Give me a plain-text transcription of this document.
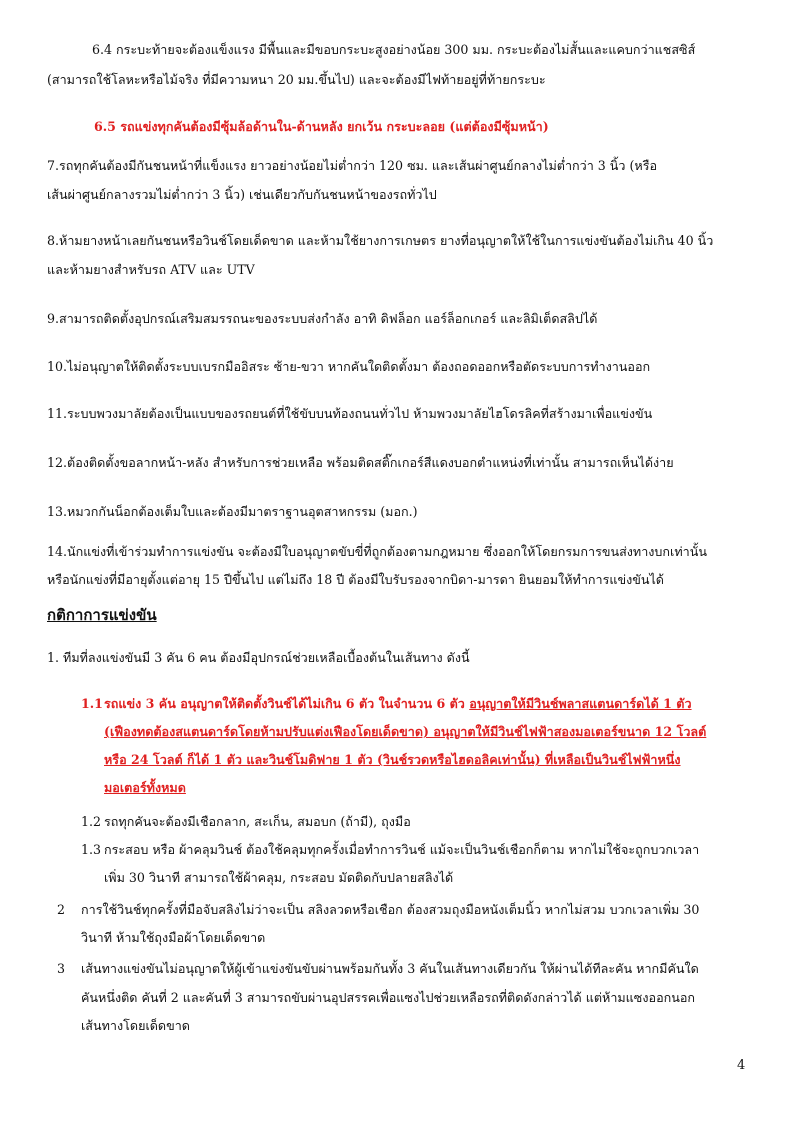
6.4 กระบะท้ายจะต้องแข็งแรง มีพื้นและมีขอบกระบะสูงอย่างน้อย 300 มม. กระบะต้องไม่สั้นและแคบกว่าแชสซิส์
(สามารถใช้โลหะหรือไม้จริง ที่มีความหนา 20 มม.ขึ้นไป) และจะต้องมีไฟท้ายอยู่ที่ท้ายกระบะ
6.5 รถแข่งทุกคันต้องมีซุ้มล้อด้านใน-ด้านหลัง ยกเว้น กระบะลอย (แต่ต้องมีซุ้มหน้า)
7.รถทุกคันต้องมีกันชนหน้าที่แข็งแรง ยาวอย่างน้อยไม่ต่ำกว่า 120 ซม. และเส้นผ่าศูนย์กลางไม่ต่ำกว่า 3 นิ้ว (หรือ
เส้นผ่าศูนย์กลางรวมไม่ต่ำกว่า 3 นิ้ว) เช่นเดียวกับกันชนหน้าของรถทั่วไป
8.ห้ามยางหน้าเลยกันชนหรือวินช์โดยเด็ดขาด และห้ามใช้ยางการเกษตร ยางที่อนุญาตให้ใช้ในการแข่งขันต้องไม่เกิน 40 นิ้ว
และห้ามยางสำหรับรถ ATV และ UTV
9.สามารถติดตั้งอุปกรณ์เสริมสมรรถนะของระบบส่งกำลัง อาทิ ดิฟล็อก แอร์ล็อกเกอร์ และลิมิเต็ดสลิปได้
10.ไม่อนุญาตให้ติดตั้งระบบเบรกมืออิสระ ซ้าย-ขวา หากคันใดติดตั้งมา ต้องถอดออกหรือตัดระบบการทำงานออก
11.ระบบพวงมาลัยต้องเป็นแบบของรถยนต์ที่ใช้ขับบนท้องถนนทั่วไป ห้ามพวงมาลัยไฮโดรลิคที่สร้างมาเพื่อแข่งขัน
12.ต้องติดตั้งขอลากหน้า-หลัง สำหรับการช่วยเหลือ พร้อมติดสติ๊กเกอร์สีแดงบอกตำแหน่งที่เท่านั้น สามารถเห็นได้ง่าย
13.หมวกกันน็อกต้องเต็มใบและต้องมีมาตราฐานอุตสาหกรรม (มอก.)
14.นักแข่งที่เข้าร่วมทำการแข่งขัน จะต้องมีใบอนุญาตขับขี่ที่ถูกต้องตามกฎหมาย ซึ่งออกให้โดยกรมการขนส่งทางบกเท่านั้น
หรือนักแข่งที่มีอายุตั้งแต่อายุ 15 ปีขึ้นไป แต่ไม่ถึง 18 ปี ต้องมีใบรับรองจากบิดา-มารดา ยินยอมให้ทำการแข่งขันได้
กติกาการแข่งขัน
1. ทีมที่ลงแข่งขันมี 3 คัน 6 คน ต้องมีอุปกรณ์ช่วยเหลือเบื้องต้นในเส้นทาง ดังนี้
1.1 รถแข่ง 3 คัน อนุญาตให้ติดตั้งวินช์ได้ไม่เกิน 6 ตัว ในจำนวน 6 ตัว อนุญาตให้มีวินช์พลาสแตนดาร์ดได้ 1 ตัว
(เฟืองทดต้องสแตนดาร์ดโดยห้ามปรับแต่งเฟืองโดยเด็ดขาด) อนุญาตให้มีวินช์ไฟฟ้าสองมอเตอร์ขนาด 12 โวลต์
หรือ 24 โวลต์ ก็ได้ 1 ตัว และวินช์โมดิฟาย 1 ตัว (วินช์รวดหรือไฮดอลิคเท่านั้น) ที่เหลือเป็นวินช์ไฟฟ้าหนึ่ง
มอเตอร์ทั้งหมด
1.2 รถทุกคันจะต้องมีเชือกลาก, สะเก็น, สมอบก (ถ้ามี), ถุงมือ
1.3 กระสอบ หรือ ผ้าคลุมวินช์ ต้องใช้คลุมทุกครั้งเมื่อทำการวินช์ แม้จะเป็นวินช์เชือกก็ตาม หากไม่ใช้จะถูกบวกเวลา
เพิ่ม 30 วินาที สามารถใช้ผ้าคลุม, กระสอบ มัดติดกับปลายสลิงได้
2 การใช้วินช์ทุกครั้งที่มือจับสลิงไม่ว่าจะเป็น สลิงลวดหรือเชือก ต้องสวมถุงมือหนังเต็มนิ้ว หากไม่สวม บวกเวลาเพิ่ม 30
วินาที ห้ามใช้ถุงมือผ้าโดยเด็ดขาด
3 เส้นทางแข่งขันไม่อนุญาตให้ผู้เข้าแข่งขันขับผ่านพร้อมกันทั้ง 3 คันในเส้นทางเดียวกัน ให้ผ่านได้ทีละคัน หากมีคันใด
คันหนึ่งติด คันที่ 2 และคันที่ 3 สามารถขับผ่านอุปสรรคเพื่อแซงไปช่วยเหลือรถที่ติดดังกล่าวได้ แต่ห้ามแซงออกนอก
เส้นทางโดยเด็ดขาด
4
